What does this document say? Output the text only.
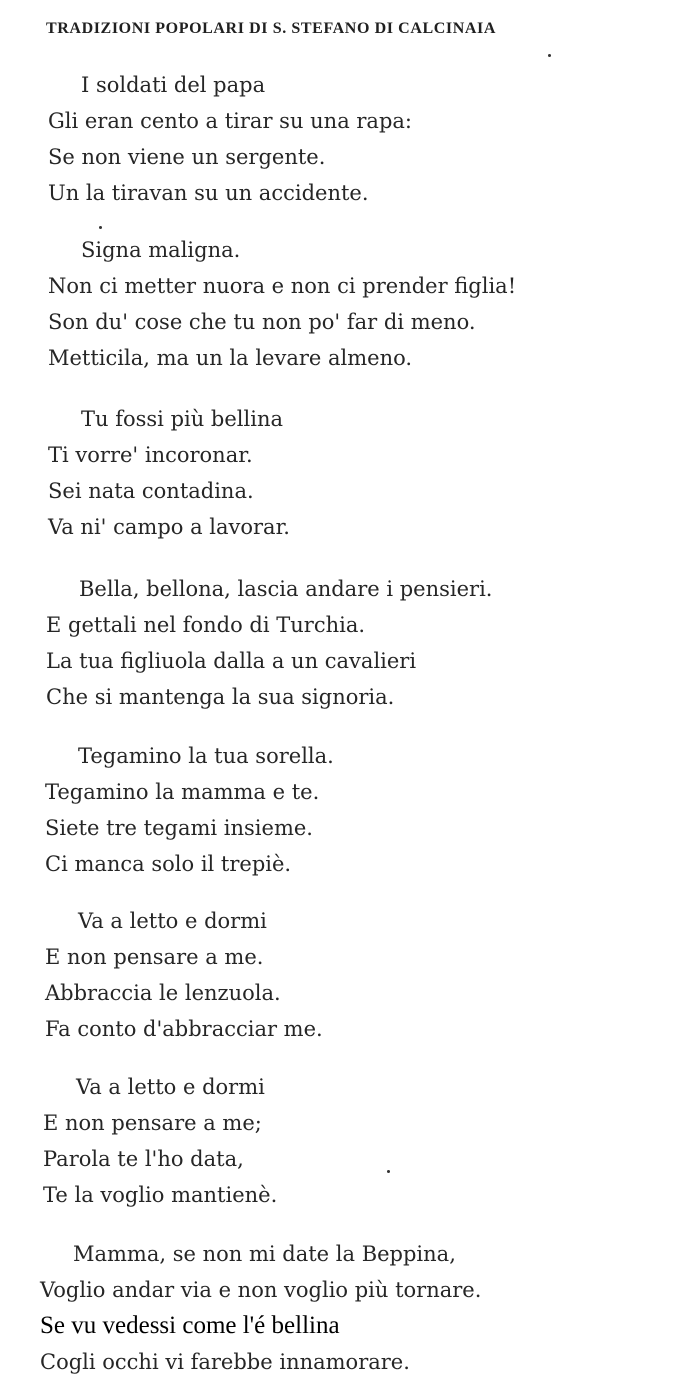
TRADIZIONI POPOLARI DI S. STEFANO DI CALCINAIA
I soldati del papa
Gli eran cento a tirar su una rapa:
Se non viene un sergente.
Un la tiravan su un accidente.
Signa maligna.
Non ci metter nuora e non ci prender figlia!
Son du' cose che tu non po' far di meno.
Metticila, ma un la levare almeno.
Tu fossi più bellina
Ti vorre' incoronar.
Sei nata contadina.
Va ni' campo a lavorar.
Bella, bellona, lascia andare i pensieri.
E gettali nel fondo di Turchia.
La tua figliuola dalla a un cavalieri
Che si mantenga la sua signoria.
Tegamino la tua sorella.
Tegamino la mamma e te.
Siete tre tegami insieme.
Ci manca solo il trepiè.
Va a letto e dormi
E non pensare a me.
Abbraccia le lenzuola.
Fa conto d'abbracciar me.
Va a letto e dormi
E non pensare a me;
Parola te l'ho data,
Te la voglio mantienè.
Mamma, se non mi date la Beppina,
Voglio andar via e non voglio più tornare.
Se vu vedessi come l'é bellina
Cogli occhi vi farebbe innamorare.
